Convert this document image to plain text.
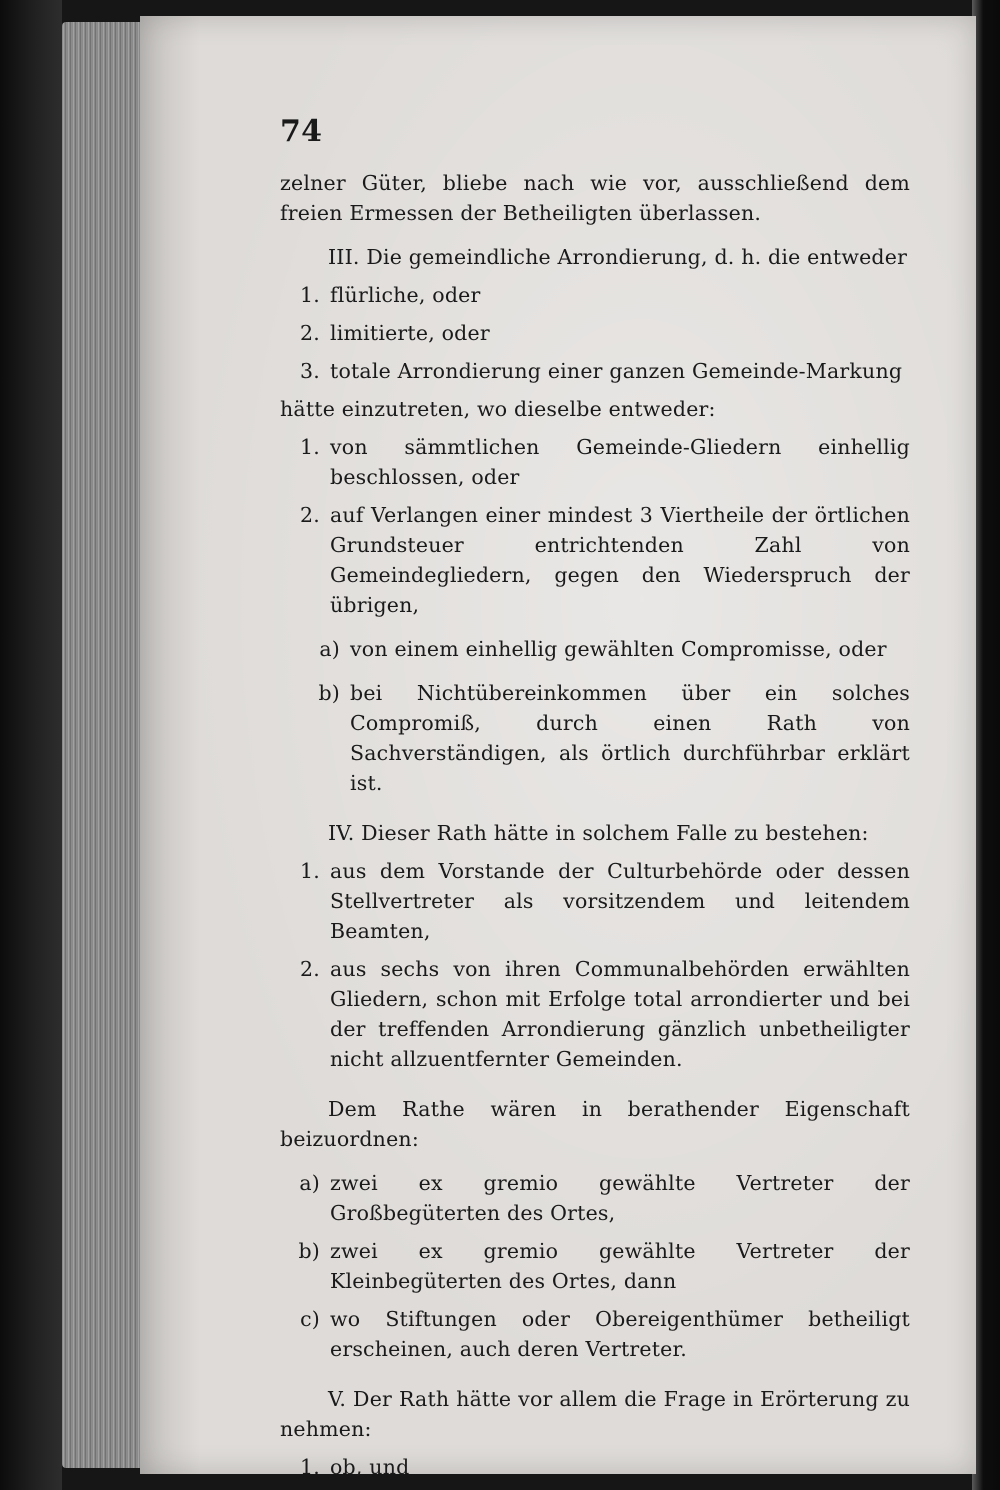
74

zelner Güter, bliebe nach wie vor, ausschließend dem freien Ermessen der Betheiligten überlassen.

III. Die gemeindliche Arrondierung, d. h. die entweder

1. flürliche, oder
2. limitierte, oder
3. totale Arrondierung einer ganzen Gemeinde-Markung

hätte einzutreten, wo dieselbe entweder:

1. von sämmtlichen Gemeinde-Gliedern einhellig beschlossen, oder
2. auf Verlangen einer mindest 3 Viertheile der örtlichen Grundsteuer entrichtenden Zahl von Gemeindegliedern, gegen den Wiederspruch der übrigen,
a) von einem einhellig gewählten Compromisse, oder
b) bei Nichtübereinkommen über ein solches Compromiß, durch einen Rath von Sachverständigen, als örtlich durchführbar erklärt ist.

IV. Dieser Rath hätte in solchem Falle zu bestehen:

1. aus dem Vorstande der Culturbehörde oder dessen Stellvertreter als vorsitzendem und leitendem Beamten,
2. aus sechs von ihren Communalbehörden erwählten Gliedern, schon mit Erfolge total arrondierter und bei der treffenden Arrondierung gänzlich unbetheiligter nicht allzuentfernter Gemeinden.

Dem Rathe wären in berathender Eigenschaft beizuordnen:

a) zwei ex gremio gewählte Vertreter der Großbegüterten des Ortes,
b) zwei ex gremio gewählte Vertreter der Kleinbegüterten des Ortes, dann
c) wo Stiftungen oder Obereigenthümer betheiligt erscheinen, auch deren Vertreter.

V. Der Rath hätte vor allem die Frage in Erörterung zu nehmen:

1. ob, und
